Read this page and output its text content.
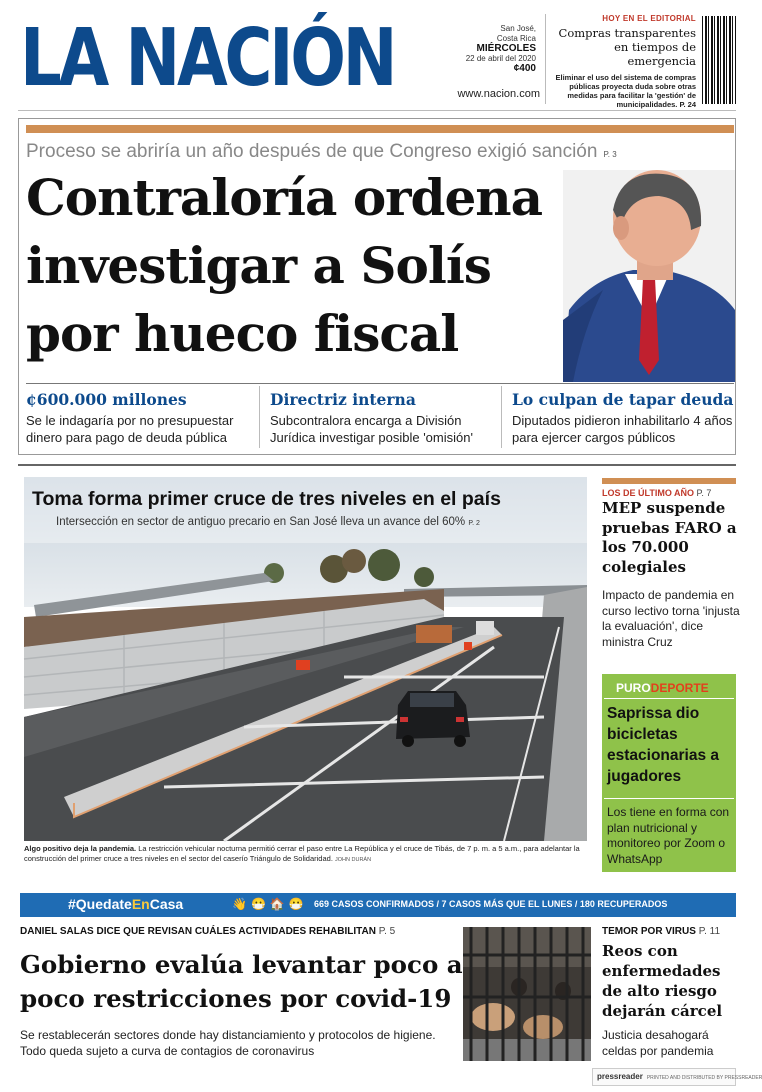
LA NACIÓN	San José,
Costa Rica
MIÉRCOLES
22 de abril del 2020
¢400
www.nacion.com
HOY EN EL EDITORIAL
Compras transparentes en tiempos de emergencia
Eliminar el uso del sistema de compras públicas proyecta duda sobre otras medidas para facilitar la 'gestión' de municipalidades. P. 24
Proceso se abriría un año después de que Congreso exigió sanción P. 3
Contraloría ordena investigar a Solís por hueco fiscal
¢600.000 millones

Se le indagaría por no presupuestar dinero para pago de deuda pública

Directriz interna

Subcontralora encarga a División Jurídica investigar posible 'omisión'

Lo culpan de tapar deuda

Diputados pidieron inhabilitarlo 4 años para ejercer cargos públicos

Toma forma primer cruce de tres niveles en el país
Intersección en sector de antiguo precario en San José lleva un avance del 60% P. 2
Algo positivo deja la pandemia. La restricción vehicular nocturna permitió cerrar el paso entre La República y el cruce de Tibás, de 7 p. m. a 5 a.m., para adelantar la construcción del primer cruce a tres niveles en el sector del caserío Triángulo de Solidaridad. JOHN DURÁN
LOS DE ÚLTIMO AÑO P. 7
MEP suspende pruebas FARO a los 70.000 colegiales
Impacto de pandemia en curso lectivo torna 'injusta la evaluación', dice ministra Cruz
PURODEPORTE
Saprissa dio bicicletas estacionarias a jugadores
Los tiene en forma con plan nutricional y monitoreo por Zoom o WhatsApp
#QuedateEnCasa	👋😷🏠😷 669 CASOS CONFIRMADOS / 7 CASOS MÁS QUE EL LUNES / 180 RECUPERADOS
DANIEL SALAS DICE QUE REVISAN CUÁLES ACTIVIDADES REHABILITAN P. 5
Gobierno evalúa levantar poco a poco restricciones por covid-19
Se restablecerán sectores donde hay distanciamiento y protocolos de higiene. Todo queda sujeto a curva de contagios de coronavirus
TEMOR POR VIRUS P. 11
Reos con enfermedades de alto riesgo dejarán cárcel
Justicia desahogará celdas por pandemia
pressreader PRINTED AND DISTRIBUTED BY PRESSREADER
